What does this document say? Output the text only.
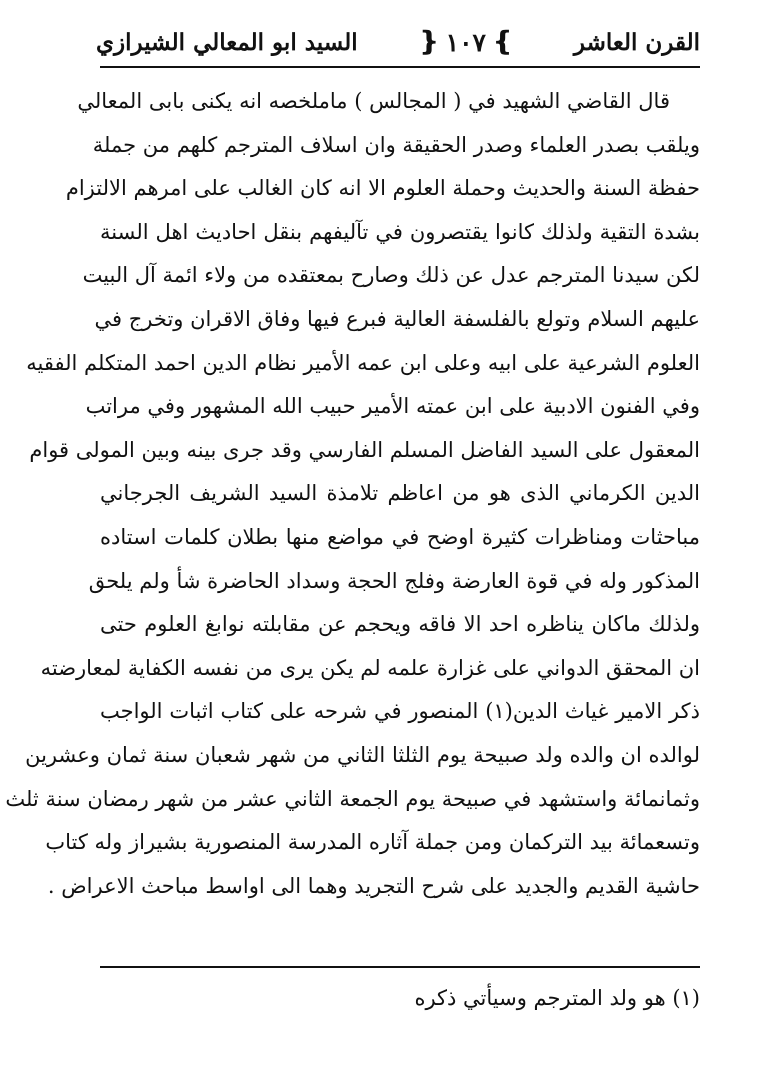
القرن العاشر
❵
١٠٧
❴
السيد ابو المعالي الشيرازي
قال القاضي الشهيد في ( المجالس ) ماملخصه انه يكنى بابى المعالي
ويلقب بصدر العلماء وصدر الحقيقة وان اسلاف المترجم كلهم من جملة
حفظة السنة والحديث وحملة العلوم الا انه كان الغالب على امرهم الالتزام
بشدة التقية ولذلك كانوا يقتصرون في تآليفهم بنقل احاديث اهل السنة
لكن سيدنا المترجم عدل عن ذلك وصارح بمعتقده من ولاء ائمة آل البيت
عليهم السلام وتولع بالفلسفة العالية فبرع فيها وفاق الاقران وتخرج في
العلوم الشرعية على ابيه وعلى ابن عمه الأمير نظام الدين احمد المتكلم الفقيه
وفي الفنون الادبية على ابن عمته الأمير حبيب الله المشهور وفي مراتب
المعقول على السيد الفاضل المسلم الفارسي وقد جرى بينه وبين المولى قوام
الدين الكرماني الذى هو من اعاظم تلامذة السيد الشريف الجرجاني
مباحثات ومناظرات كثيرة اوضح في مواضع منها بطلان كلمات استاده
المذكور وله في قوة العارضة وفلج الحجة وسداد الحاضرة شأ ولم يلحق
ولذلك ماكان يناظره احد الا فاقه ويحجم عن مقابلته نوابغ العلوم حتى
ان المحقق الدواني على غزارة علمه لم يكن يرى من نفسه الكفاية لمعارضته
ذكر الامير غياث الدين(١) المنصور في شرحه على كتاب اثبات الواجب
لوالده ان والده ولد صبيحة يوم الثلثا الثاني من شهر شعبان سنة ثمان وعشرين
وثمانمائة واستشهد في صبيحة يوم الجمعة الثاني عشر من شهر رمضان سنة ثلث
وتسعمائة بيد التركمان ومن جملة آثاره المدرسة المنصورية بشيراز وله كتاب
حاشية القديم والجديد على شرح التجريد وهما الى اواسط مباحث الاعراض .
(١) هو ولد المترجم وسيأتي ذكره
